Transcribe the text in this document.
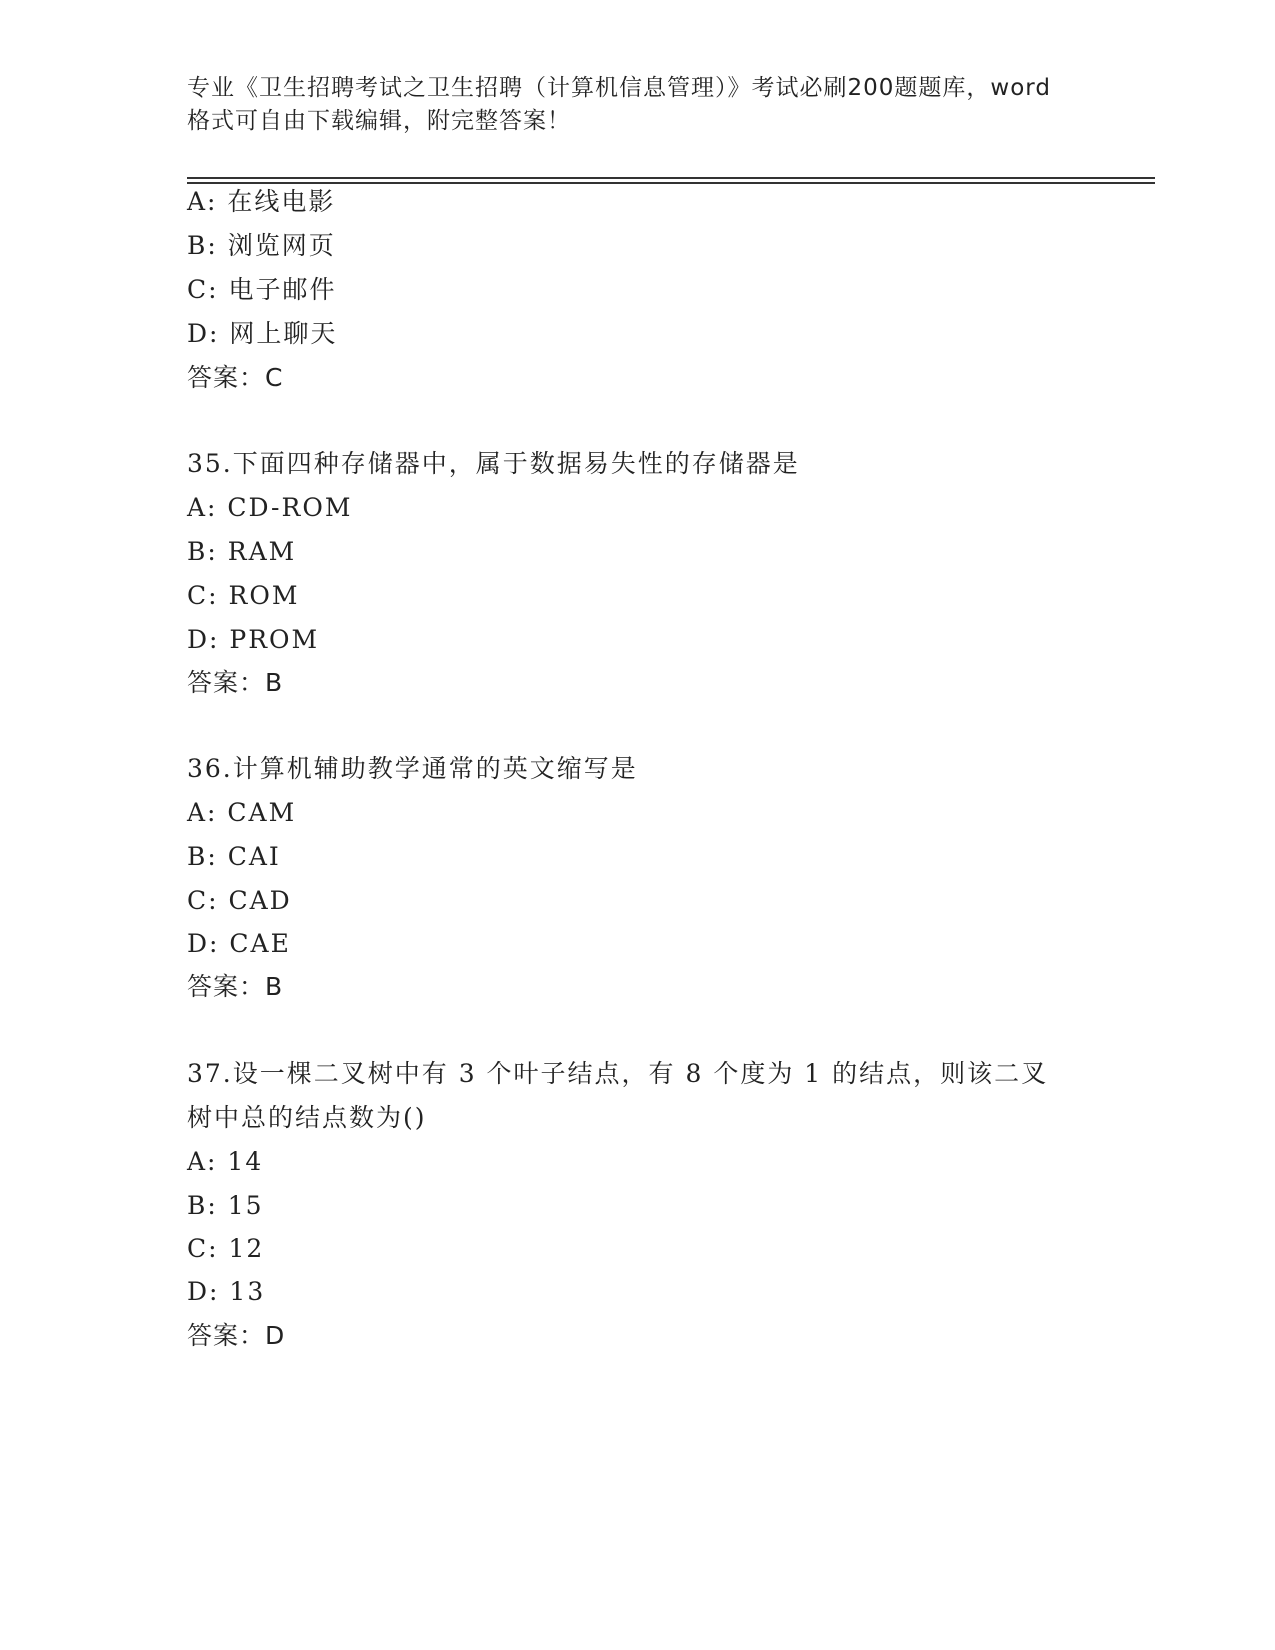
专业《卫生招聘考试之卫生招聘（计算机信息管理）》考试必刷200题题库，word
格式可自由下载编辑，附完整答案！
A: 在线电影
B: 浏览网页
C: 电子邮件
D: 网上聊天
答案：C
35.下面四种存储器中，属于数据易失性的存储器是
A: CD-ROM
B: RAM
C: ROM
D: PROM
答案：B
36.计算机辅助教学通常的英文缩写是
A: CAM
B: CAI
C: CAD
D: CAE
答案：B
37.设一棵二叉树中有 3 个叶子结点，有 8 个度为 1 的结点，则该二叉
树中总的结点数为()
A: 14
B: 15
C: 12
D: 13
答案：D
